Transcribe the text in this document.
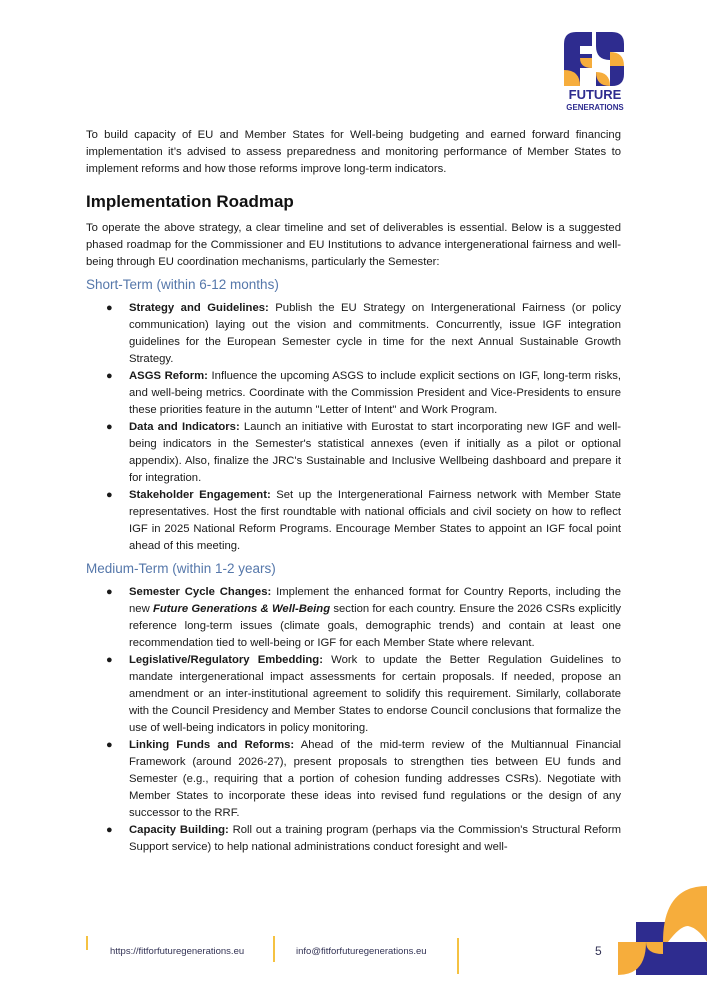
FUTURE
GENERATIONS

To build capacity of EU and Member States for Well-being budgeting and earned forward financing implementation it’s advised to assess preparedness and monitoring performance of Member States to implement reforms and how those reforms improve long-term indicators.

Implementation Roadmap

To operate the above strategy, a clear timeline and set of deliverables is essential. Below is a suggested phased roadmap for the Commissioner and EU Institutions to advance intergenerational fairness and well-being through EU coordination mechanisms, particularly the Semester:

Short-Term (within 6-12 months)
● Strategy and Guidelines: Publish the EU Strategy on Intergenerational Fairness (or policy communication) laying out the vision and commitments. Concurrently, issue IGF integration guidelines for the European Semester cycle in time for the next Annual Sustainable Growth Strategy.
● ASGS Reform: Influence the upcoming ASGS to include explicit sections on IGF, long-term risks, and well-being metrics. Coordinate with the Commission President and Vice-Presidents to ensure these priorities feature in the autumn "Letter of Intent" and Work Program.
● Data and Indicators: Launch an initiative with Eurostat to start incorporating new IGF and well-being indicators in the Semester's statistical annexes (even if initially as a pilot or optional appendix). Also, finalize the JRC's Sustainable and Inclusive Wellbeing dashboard and prepare it for integration.
● Stakeholder Engagement: Set up the Intergenerational Fairness network with Member State representatives. Host the first roundtable with national officials and civil society on how to reflect IGF in 2025 National Reform Programs. Encourage Member States to appoint an IGF focal point ahead of this meeting.
Medium-Term (within 1-2 years)
● Semester Cycle Changes: Implement the enhanced format for Country Reports, including the new Future Generations & Well-Being section for each country. Ensure the 2026 CSRs explicitly reference long-term issues (climate goals, demographic trends) and contain at least one recommendation tied to well-being or IGF for each Member State where relevant.
● Legislative/Regulatory Embedding: Work to update the Better Regulation Guidelines to mandate intergenerational impact assessments for certain proposals. If needed, propose an amendment or an inter-institutional agreement to solidify this requirement. Similarly, collaborate with the Council Presidency and Member States to endorse Council conclusions that formalize the use of well-being indicators in policy monitoring.
● Linking Funds and Reforms: Ahead of the mid-term review of the Multiannual Financial Framework (around 2026-27), present proposals to strengthen ties between EU funds and Semester (e.g., requiring that a portion of cohesion funding addresses CSRs). Negotiate with Member States to incorporate these ideas into revised fund regulations or the design of any successor to the RRF.
● Capacity Building: Roll out a training program (perhaps via the Commission's Structural Reform Support service) to help national administrations conduct foresight and well-
https://fitforfuturegenerations.eu	info@fitforfuturegenerations.eu	5
